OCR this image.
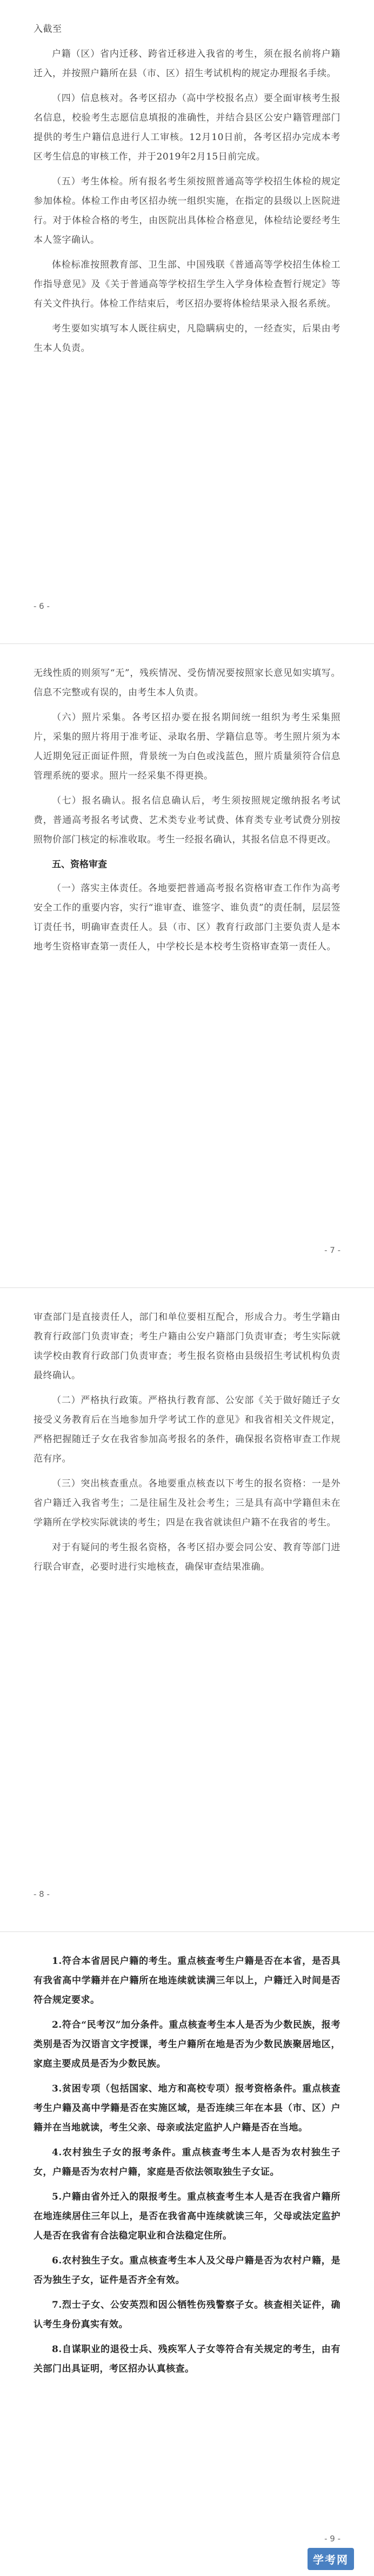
入截至

户籍（区）省内迁移、跨省迁移进入我省的考生，须在报名前将户籍迁入，并按照户籍所在县（市、区）招生考试机构的规定办理报名手续。

（四）信息核对。各考区招办（高中学校报名点）要全面审核考生报名信息，校验考生志愿信息填报的准确性，并结合县区公安户籍管理部门提供的考生户籍信息进行人工审核。12月10日前，各考区招办完成本考区考生信息的审核工作，并于2019年2月15日前完成。

（五）考生体检。所有报名考生须按照普通高等学校招生体检的规定参加体检。体检工作由考区招办统一组织实施，在指定的县级以上医院进行。对于体检合格的考生，由医院出具体检合格意见，体检结论要经考生本人签字确认。

体检标准按照教育部、卫生部、中国残联《普通高等学校招生体检工作指导意见》及《关于普通高等学校招生学生入学身体检查暂行规定》等有关文件执行。体检工作结束后，考区招办要将体检结果录入报名系统。

考生要如实填写本人既往病史，凡隐瞒病史的，一经查实，后果由考生本人负责。

- 6 -

无线性质的则须写“无”，残疾情况、受伤情况要按照家长意见如实填写。信息不完整或有误的，由考生本人负责。

（六）照片采集。各考区招办要在报名期间统一组织为考生采集照片，采集的照片将用于准考证、录取名册、学籍信息等。考生照片须为本人近期免冠正面证件照，背景统一为白色或浅蓝色，照片质量须符合信息管理系统的要求。照片一经采集不得更换。

（七）报名确认。报名信息确认后，考生须按照规定缴纳报名考试费，普通高考报名考试费、艺术类专业考试费、体育类专业考试费分别按照物价部门核定的标准收取。考生一经报名确认，其报名信息不得更改。

五、资格审查

（一）落实主体责任。各地要把普通高考报名资格审查工作作为高考安全工作的重要内容，实行“谁审查、谁签字、谁负责”的责任制，层层签订责任书，明确审查责任人。县（市、区）教育行政部门主要负责人是本地考生资格审查第一责任人，中学校长是本校考生资格审查第一责任人。

- 7 -

审查部门是直接责任人，部门和单位要相互配合，形成合力。考生学籍由教育行政部门负责审查；考生户籍由公安户籍部门负责审查；考生实际就读学校由教育行政部门负责审查；考生报名资格由县级招生考试机构负责最终确认。

（二）严格执行政策。严格执行教育部、公安部《关于做好随迁子女接受义务教育后在当地参加升学考试工作的意见》和我省相关文件规定，严格把握随迁子女在我省参加高考报名的条件，确保报名资格审查工作规范有序。

（三）突出核查重点。各地要重点核查以下考生的报名资格：一是外省户籍迁入我省考生；二是往届生及社会考生；三是具有高中学籍但未在学籍所在学校实际就读的考生；四是在我省就读但户籍不在我省的考生。

对于有疑问的考生报名资格，各考区招办要会同公安、教育等部门进行联合审查，必要时进行实地核查，确保审查结果准确。

- 8 -

1.符合本省居民户籍的考生。重点核查考生户籍是否在本省，是否具有我省高中学籍并在户籍所在地连续就读满三年以上，户籍迁入时间是否符合规定要求。

2.符合“民考汉”加分条件。重点核查考生本人是否为少数民族，报考类别是否为汉语言文字授课，考生户籍所在地是否为少数民族聚居地区，家庭主要成员是否为少数民族。

3.贫困专项（包括国家、地方和高校专项）报考资格条件。重点核查考生户籍及高中学籍是否在实施区域，是否连续三年在本县（市、区）户籍并在当地就读，考生父亲、母亲或法定监护人户籍是否在当地。

4.农村独生子女的报考条件。重点核查考生本人是否为农村独生子女，户籍是否为农村户籍，家庭是否依法领取独生子女证。

5.户籍由省外迁入的限报考生。重点核查考生本人是否在我省户籍所在地连续居住三年以上，是否在我省高中连续就读三年，父母或法定监护人是否在我省有合法稳定职业和合法稳定住所。

6.农村独生子女。重点核查考生本人及父母户籍是否为农村户籍，是否为独生子女，证件是否齐全有效。

7.烈士子女、公安英烈和因公牺牲伤残警察子女。核查相关证件，确认考生身份真实有效。

8.自谋职业的退役士兵、残疾军人子女等符合有关规定的考生，由有关部门出具证明，考区招办认真核查。

- 9 -
学考网
